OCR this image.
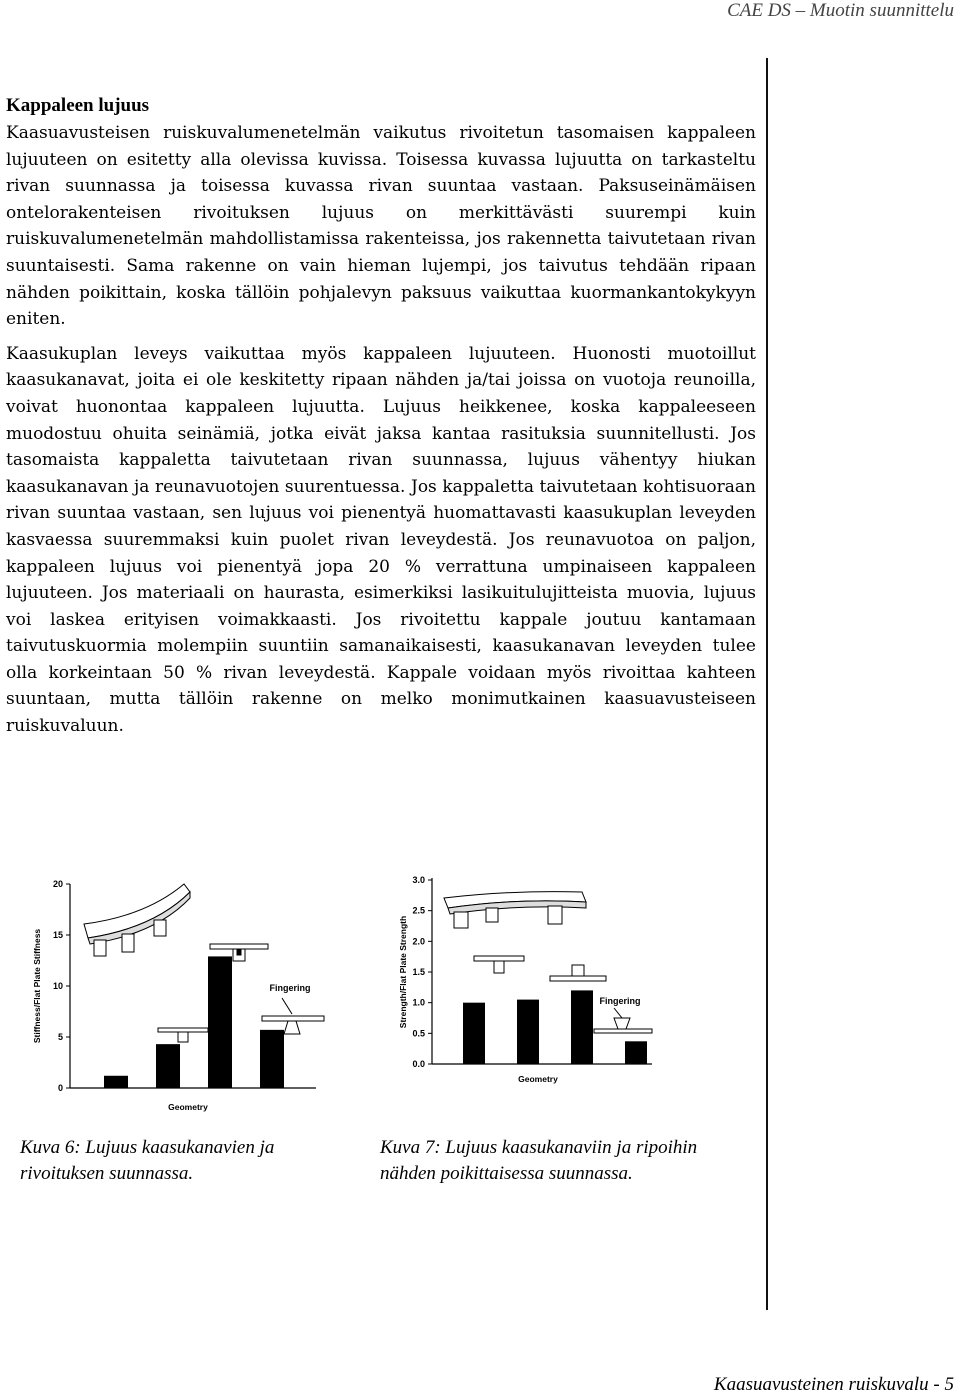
CAE DS – Muotin suunnittelu
Kappaleen lujuus

Kaasuavusteisen ruiskuvalumenetelmän vaikutus rivoitetun tasomaisen kappaleen lujuuteen on esitetty alla olevissa kuvissa. Toisessa kuvassa lujuutta on tarkasteltu rivan suunnassa ja toisessa kuvassa rivan suuntaa vastaan. Paksuseinämäisen ontelorakenteisen rivoituksen lujuus on merkittävästi suurempi kuin ruiskuvalumenetelmän mahdollistamissa rakenteissa, jos rakennetta taivutetaan rivan suuntaisesti. Sama rakenne on vain hieman lujempi, jos taivutus tehdään ripaan nähden poikittain, koska tällöin pohjalevyn paksuus vaikuttaa kuormankantokykyyn eniten.

Kaasukuplan leveys vaikuttaa myös kappaleen lujuuteen. Huonosti muotoillut kaasukanavat, joita ei ole keskitetty ripaan nähden ja/tai joissa on vuotoja reunoilla, voivat huonontaa kappaleen lujuutta. Lujuus heikkenee, koska kappaleeseen muodostuu ohuita seinämiä, jotka eivät jaksa kantaa rasituksia suunnitellusti. Jos tasomaista kappaletta taivutetaan rivan suunnassa, lujuus vähentyy hiukan kaasukanavan ja reunavuotojen suurentuessa. Jos kappaletta taivutetaan kohtisuoraan rivan suuntaa vastaan, sen lujuus voi pienentyä huomattavasti kaasukuplan leveyden kasvaessa suuremmaksi kuin puolet rivan leveydestä. Jos reunavuotoa on paljon, kappaleen lujuus voi pienentyä jopa 20 % verrattuna umpinaiseen kappaleen lujuuteen. Jos materiaali on haurasta, esimerkiksi lasikuitulujitteista muovia, lujuus voi laskea erityisen voimakkaasti. Jos rivoitettu kappale joutuu kantamaan taivutuskuormia molempiin suuntiin samanaikaisesti, kaasukanavan leveyden tulee olla korkeintaan 50 % rivan leveydestä. Kappale voidaan myös rivoittaa kahteen suuntaan, mutta tällöin rakenne on melko monimutkainen kaasuavusteiseen ruiskuvaluun.

0
5
10
15
20
Fingering
Stiffness/Flat Plate Stiffness
Geometry
0.0
0.5
1.0
1.5
2.0
2.5
3.0
Fingering
Strength/Flat Plate Strength
Geometry
Kuva 6: Lujuus kaasukanavien ja rivoituksen suunnassa.
Kuva 7: Lujuus kaasukanaviin ja ripoihin nähden poikittaisessa suunnassa.
Kaasuavusteinen ruiskuvalu - 5
